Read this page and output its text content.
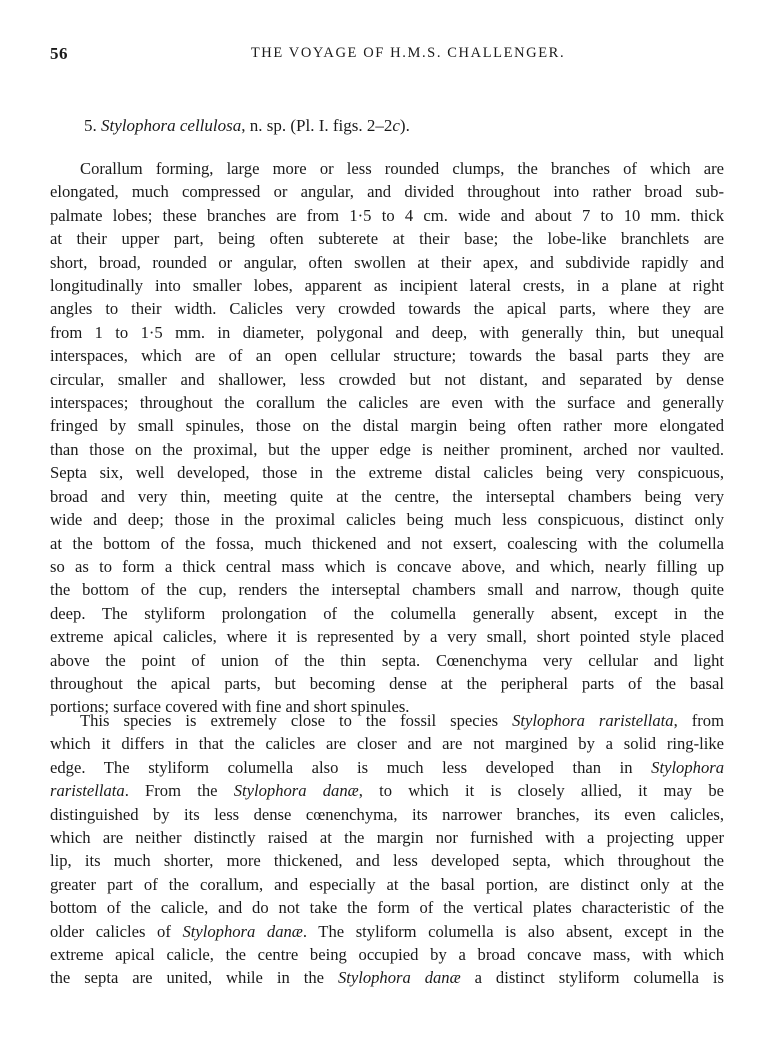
56	THE VOYAGE OF H.M.S. CHALLENGER.
5. Stylophora cellulosa, n. sp. (Pl. I. figs. 2–2c).
Corallum forming, large more or less rounded clumps, the branches of which are
elongated, much compressed or angular, and divided throughout into rather broad sub-
palmate lobes; these branches are from 1·5 to 4 cm. wide and about 7 to 10 mm. thick
at their upper part, being often subterete at their base; the lobe-like branchlets are
short, broad, rounded or angular, often swollen at their apex, and subdivide rapidly and
longitudinally into smaller lobes, apparent as incipient lateral crests, in a plane at right
angles to their width. Calicles very crowded towards the apical parts, where they are
from 1 to 1·5 mm. in diameter, polygonal and deep, with generally thin, but unequal
interspaces, which are of an open cellular structure; towards the basal parts they are
circular, smaller and shallower, less crowded but not distant, and separated by dense
interspaces; throughout the corallum the calicles are even with the surface and generally
fringed by small spinules, those on the distal margin being often rather more elongated
than those on the proximal, but the upper edge is neither prominent, arched nor vaulted.
Septa six, well developed, those in the extreme distal calicles being very conspicuous,
broad and very thin, meeting quite at the centre, the interseptal chambers being very
wide and deep; those in the proximal calicles being much less conspicuous, distinct only
at the bottom of the fossa, much thickened and not exsert, coalescing with the columella
so as to form a thick central mass which is concave above, and which, nearly filling up
the bottom of the cup, renders the interseptal chambers small and narrow, though quite
deep. The styliform prolongation of the columella generally absent, except in the
extreme apical calicles, where it is represented by a very small, short pointed style placed
above the point of union of the thin septa. Cœnenchyma very cellular and light
throughout the apical parts, but becoming dense at the peripheral parts of the basal
portions; surface covered with fine and short spinules.
This species is extremely close to the fossil species Stylophora raristellata, from
which it differs in that the calicles are closer and are not margined by a solid ring-like
edge. The styliform columella also is much less developed than in Stylophora
raristellata. From the Stylophora danæ, to which it is closely allied, it may be
distinguished by its less dense cœnenchyma, its narrower branches, its even calicles,
which are neither distinctly raised at the margin nor furnished with a projecting upper
lip, its much shorter, more thickened, and less developed septa, which throughout the
greater part of the corallum, and especially at the basal portion, are distinct only at the
bottom of the calicle, and do not take the form of the vertical plates characteristic of the
older calicles of Stylophora danæ. The styliform columella is also absent, except in the
extreme apical calicle, the centre being occupied by a broad concave mass, with which
the septa are united, while in the Stylophora danæ a distinct styliform columella is
